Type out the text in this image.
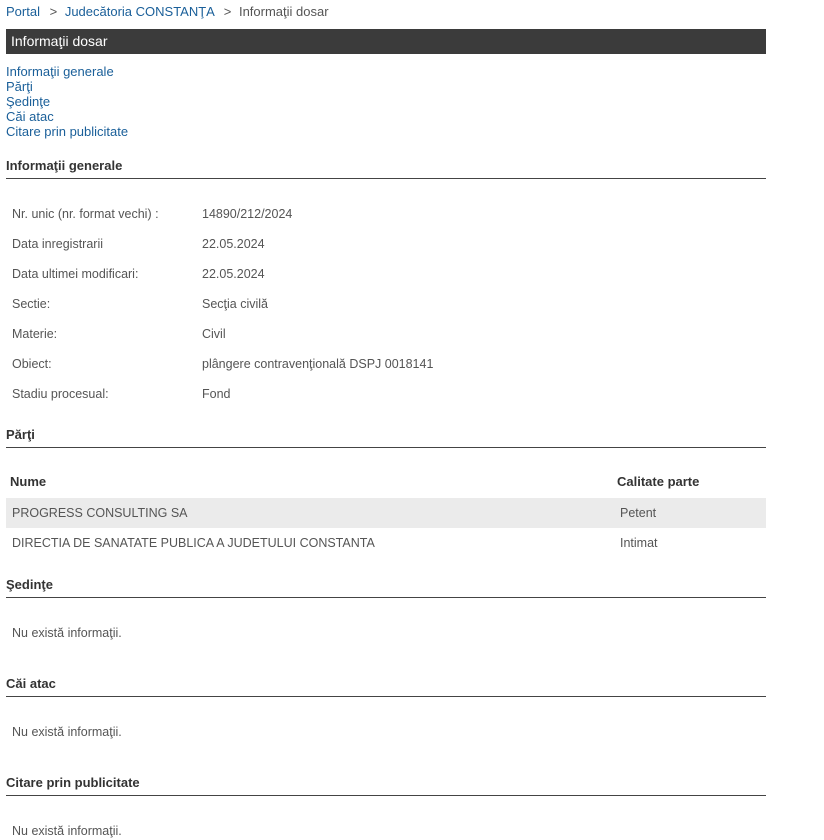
Portal > Judecătoria CONSTANŢA > Informaţii dosar
Informaţii dosar
Informaţii generale
Părţi
Şedinţe
Căi atac
Citare prin publicitate
Informaţii generale
Nr. unic (nr. format vechi) :	14890/212/2024
Data inregistrarii	22.05.2024
Data ultimei modificari:	22.05.2024
Sectie:	Secţia civilă
Materie:	Civil
Obiect:	plângere contravenţională DSPJ 0018141
Stadiu procesual:	Fond
Părţi
Nume	Calitate parte
PROGRESS CONSULTING SA	Petent
DIRECTIA DE SANATATE PUBLICA A JUDETULUI CONSTANTA	Intimat
Şedinţe
Nu există informaţii.
Căi atac
Nu există informaţii.
Citare prin publicitate
Nu există informaţii.
